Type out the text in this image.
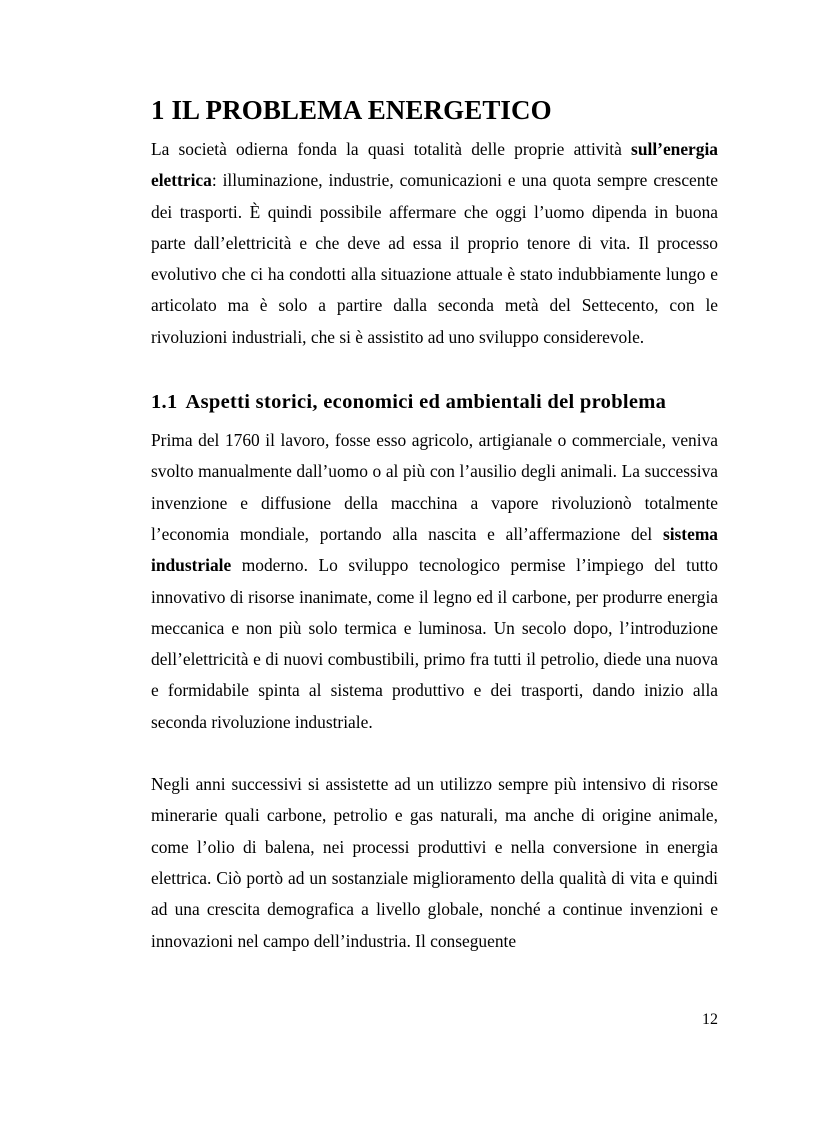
1 IL PROBLEMA ENERGETICO

La società odierna fonda la quasi totalità delle proprie attività sull’energia elettrica: illuminazione, industrie, comunicazioni e una quota sempre crescente dei trasporti. È quindi possibile affermare che oggi l’uomo dipenda in buona parte dall’elettricità e che deve ad essa il proprio tenore di vita. Il processo evolutivo che ci ha condotti alla situazione attuale è stato indubbiamente lungo e articolato ma è solo a partire dalla seconda metà del Settecento, con le rivoluzioni industriali, che si è assistito ad uno sviluppo considerevole.

1.1 Aspetti storici, economici ed ambientali del problema

Prima del 1760 il lavoro, fosse esso agricolo, artigianale o commerciale, veniva svolto manualmente dall’uomo o al più con l’ausilio degli animali. La successiva invenzione e diffusione della macchina a vapore rivoluzionò totalmente l’economia mondiale, portando alla nascita e all’affermazione del sistema industriale moderno. Lo sviluppo tecnologico permise l’impiego del tutto innovativo di risorse inanimate, come il legno ed il carbone, per produrre energia meccanica e non più solo termica e luminosa. Un secolo dopo, l’introduzione dell’elettricità e di nuovi combustibili, primo fra tutti il petrolio, diede una nuova e formidabile spinta al sistema produttivo e dei trasporti, dando inizio alla seconda rivoluzione industriale.

Negli anni successivi si assistette ad un utilizzo sempre più intensivo di risorse minerarie quali carbone, petrolio e gas naturali, ma anche di origine animale, come l’olio di balena, nei processi produttivi e nella conversione in energia elettrica. Ciò portò ad un sostanziale miglioramento della qualità di vita e quindi ad una crescita demografica a livello globale, nonché a continue invenzioni e innovazioni nel campo dell’industria. Il conseguente

12
